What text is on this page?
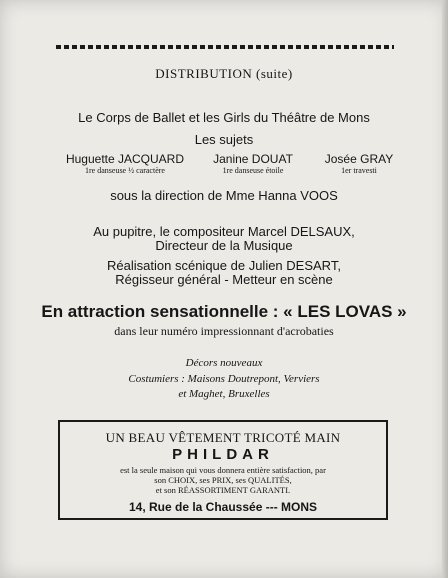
DISTRIBUTION (suite)
Le Corps de Ballet et les Girls du Théâtre de Mons
Les sujets
Huguette JACQUARD
1re danseuse ½ caractère
Janine DOUAT
1re danseuse étoile
Josée GRAY
1er travesti
sous la direction de Mme Hanna VOOS
Au pupitre, le compositeur Marcel DELSAUX,
Directeur de la Musique
Réalisation scénique de Julien DESART,
Régisseur général - Metteur en scène
En attraction sensationnelle : « LES LOVAS »
dans leur numéro impressionnant d'acrobaties
Décors nouveaux
Costumiers : Maisons Doutrepont, Verviers
et Maghet, Bruxelles
UN BEAU VÊTEMENT TRICOTÉ MAIN
PHILDAR
est la seule maison qui vous donnera entière satisfaction, par
son CHOIX, ses PRIX, ses QUALITÉS,
et son RÉASSORTIMENT GARANTI.
14, Rue de la Chaussée --- MONS
